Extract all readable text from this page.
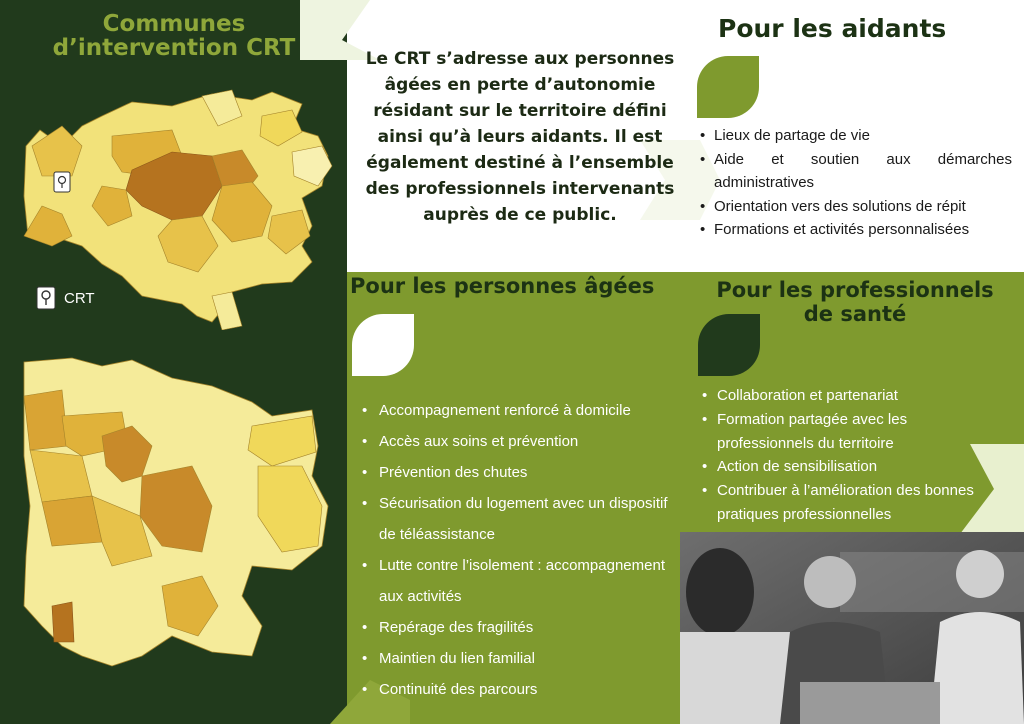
Communes d’intervention CRT
CRT
Le CRT s’adresse aux personnes âgées en perte d’autonomie résidant sur le territoire défini ainsi qu’à leurs aidants. Il est également destiné à l’ensemble des professionnels intervenants auprès de ce public.
Pour les aidants
• Lieux de partage de vie
• Aide et soutien aux démarches administratives
• Orientation vers des solutions de répit
• Formations et activités personnalisées
Pour les personnes âgées
• Accompagnement renforcé à domicile
• Accès aux soins et prévention
• Prévention des chutes
• Sécurisation du logement avec un dispositif de téléassistance
• Lutte contre l’isolement : accompagnement aux activités
• Repérage des fragilités
• Maintien du lien familial
• Continuité des parcours
Pour les professionnels de santé
• Collaboration et partenariat
• Formation partagée avec les professionnels du territoire
• Action de sensibilisation
• Contribuer à l’amélioration des bonnes pratiques professionnelles
